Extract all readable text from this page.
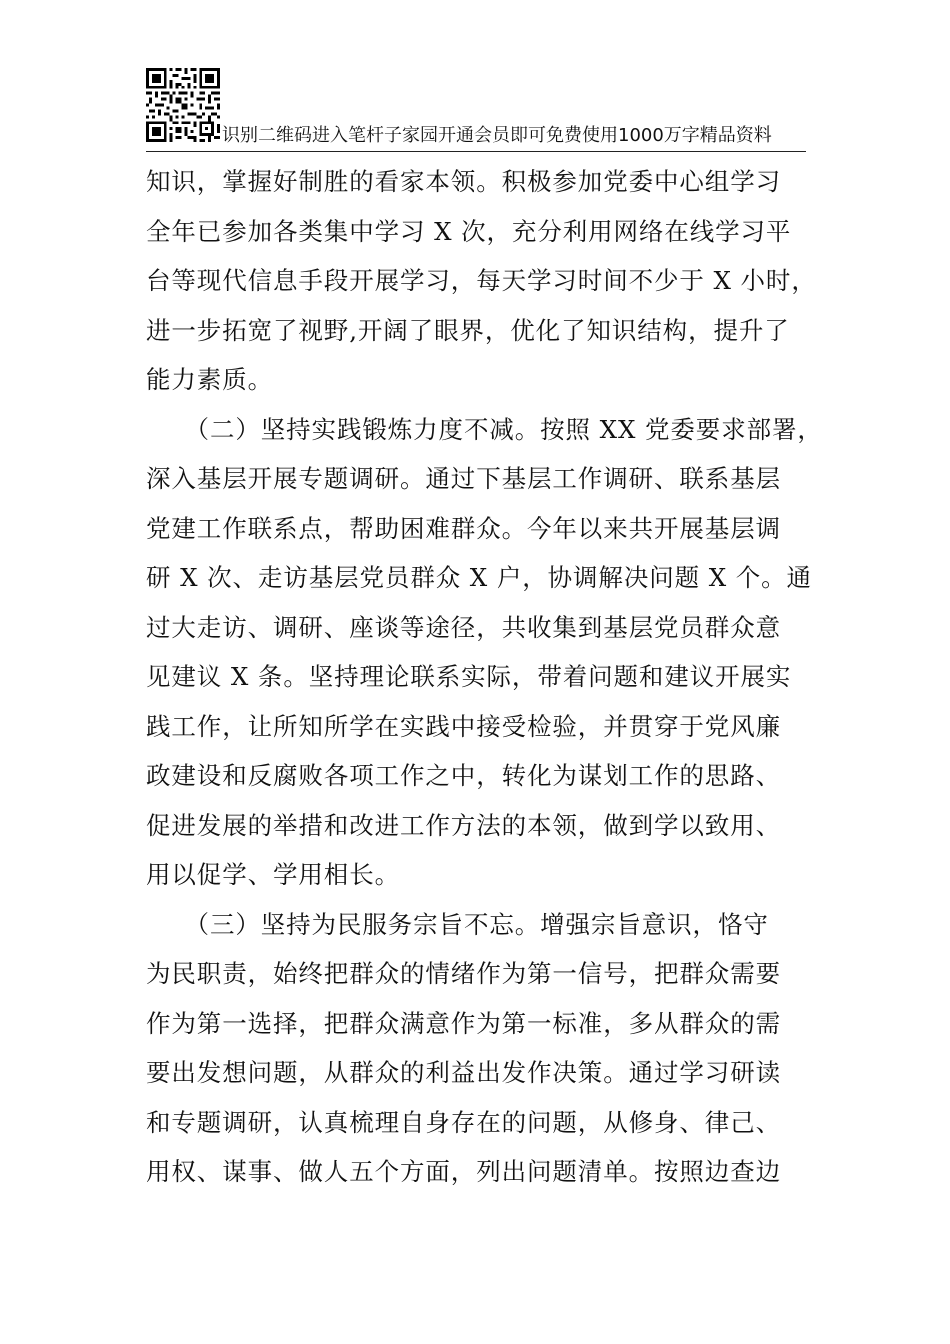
识别二维码进入笔杆子家园开通会员即可免费使用1000万字精品资料
知识，掌握好制胜的看家本领。积极参加党委中心组学习
全年已参加各类集中学习 X 次，充分利用网络在线学习平
台等现代信息手段开展学习，每天学习时间不少于 X 小时，
进一步拓宽了视野,开阔了眼界，优化了知识结构，提升了
能力素质。
　　（二）坚持实践锻炼力度不减。按照 XX 党委要求部署，
深入基层开展专题调研。通过下基层工作调研、联系基层
党建工作联系点，帮助困难群众。今年以来共开展基层调
研 X 次、走访基层党员群众 X 户，协调解决问题 X 个。通
过大走访、调研、座谈等途径，共收集到基层党员群众意
见建议 X 条。坚持理论联系实际，带着问题和建议开展实
践工作，让所知所学在实践中接受检验，并贯穿于党风廉
政建设和反腐败各项工作之中，转化为谋划工作的思路、
促进发展的举措和改进工作方法的本领，做到学以致用、
用以促学、学用相长。
　　（三）坚持为民服务宗旨不忘。增强宗旨意识，恪守
为民职责，始终把群众的情绪作为第一信号，把群众需要
作为第一选择，把群众满意作为第一标准，多从群众的需
要出发想问题，从群众的利益出发作决策。通过学习研读
和专题调研，认真梳理自身存在的问题，从修身、律己、
用权、谋事、做人五个方面，列出问题清单。按照边查边
